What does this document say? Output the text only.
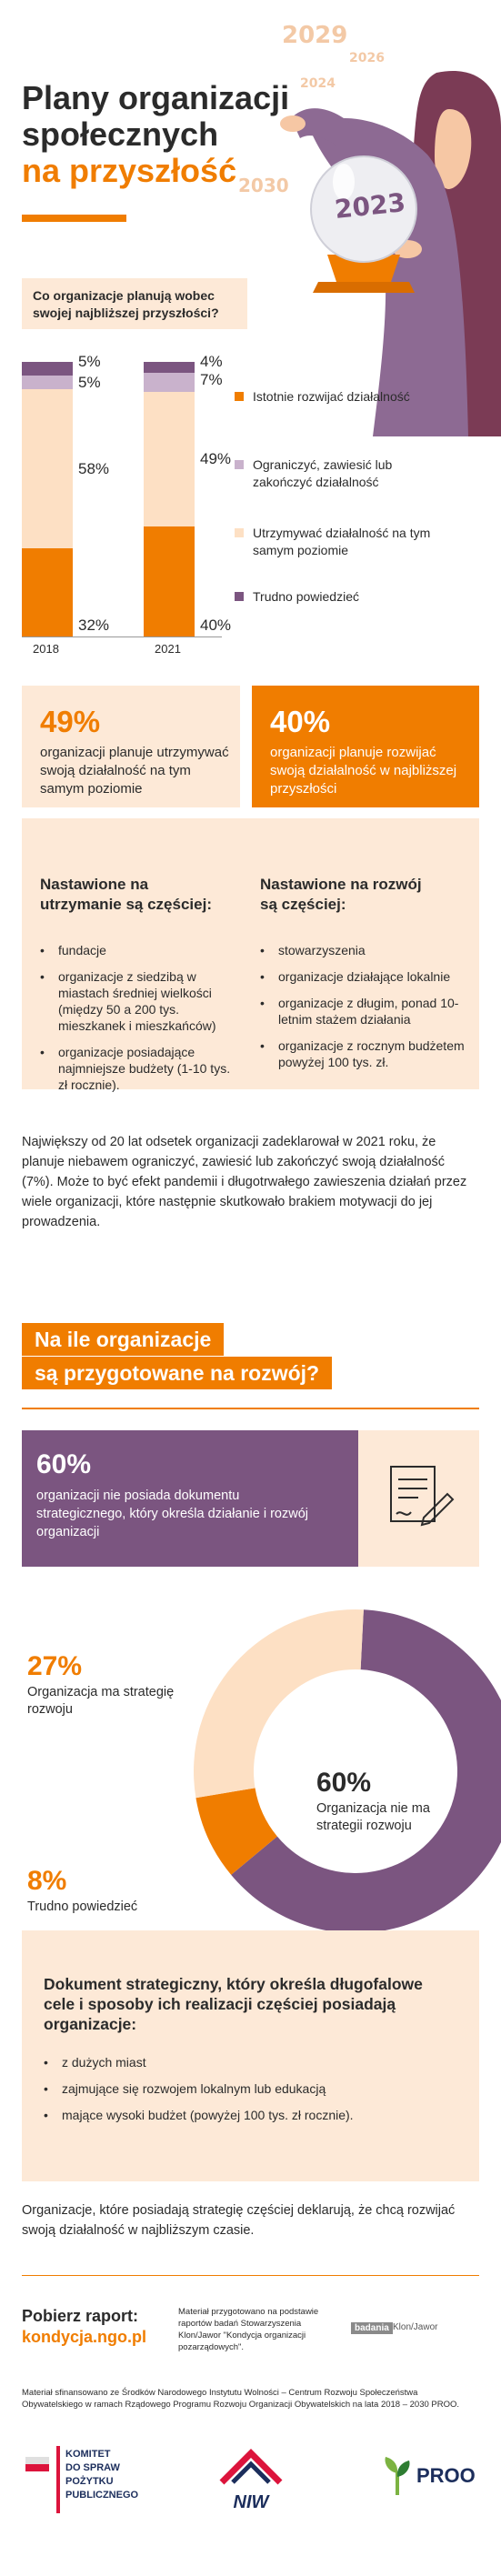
2029
2026
2024
2030
2023
Plany organizacji
społecznych
na przyszłość
Co organizacje planują wobec swojej najbliższej przyszłości?
32%
58%
5%
5%
40%
49%
7%
4%
2018	2021
Istotnie rozwijać działalność
Ograniczyć, zawiesić lub zakończyć działalność
Utrzymywać działalność na tym samym poziomie
Trudno powiedzieć
49%
organizacji planuje utrzymywać swoją działalność na tym samym poziomie
40%
organizacji planuje rozwijać swoją działalność w najbliższej przyszłości
Nastawione na utrzymanie są częściej:
• fundacje
• organizacje z siedzibą w miastach średniej wielkości (między 50 a 200 tys. mieszkanek i mieszkańców)
• organizacje posiadające najmniejsze budżety (1-10 tys. zł rocznie).
Nastawione na rozwój są częściej:
• stowarzyszenia
• organizacje działające lokalnie
• organizacje z długim, ponad 10-letnim stażem działania
• organizacje z rocznym budżetem powyżej 100 tys. zł.
Największy od 20 lat odsetek organizacji zadeklarował w 2021 roku, że planuje niebawem ograniczyć, zawiesić lub zakończyć swoją działalność (7%). Może to być efekt pandemii i długotrwałego zawieszenia działań przez wiele organizacji, które następnie skutkowało brakiem motywacji do jej prowadzenia.
Na ile organizacje
są przygotowane na rozwój?
60%
organizacji nie posiada dokumentu strategicznego, który określa działanie i rozwój organizacji
27%
Organizacja ma strategię rozwoju
60%
Organizacja nie ma strategii rozwoju
8%
Trudno powiedzieć
Dokument strategiczny, który określa długofalowe cele i sposoby ich realizacji częściej posiadają organizacje:
• z dużych miast
• zajmujące się rozwojem lokalnym lub edukacją
• mające wysoki budżet (powyżej 100 tys. zł rocznie).
Organizacje, które posiadają strategię częściej deklarują, że chcą rozwijać swoją działalność w najbliższym czasie.
Pobierz raport:
kondycja.ngo.pl
Materiał przygotowano na podstawie raportów badań Stowarzyszenia Klon/Jawor "Kondycja organizacji pozarządowych".
badania Klon/Jawor
Materiał sfinansowano ze Środków Narodowego Instytutu Wolności – Centrum Rozwoju Społeczeństwa Obywatelskiego w ramach Rządowego Programu Rozwoju Organizacji Obywatelskich na lata 2018 – 2030 PROO.
KOMITET
DO SPRAW
POŻYTKU
PUBLICZNEGO	NIW
PROO
